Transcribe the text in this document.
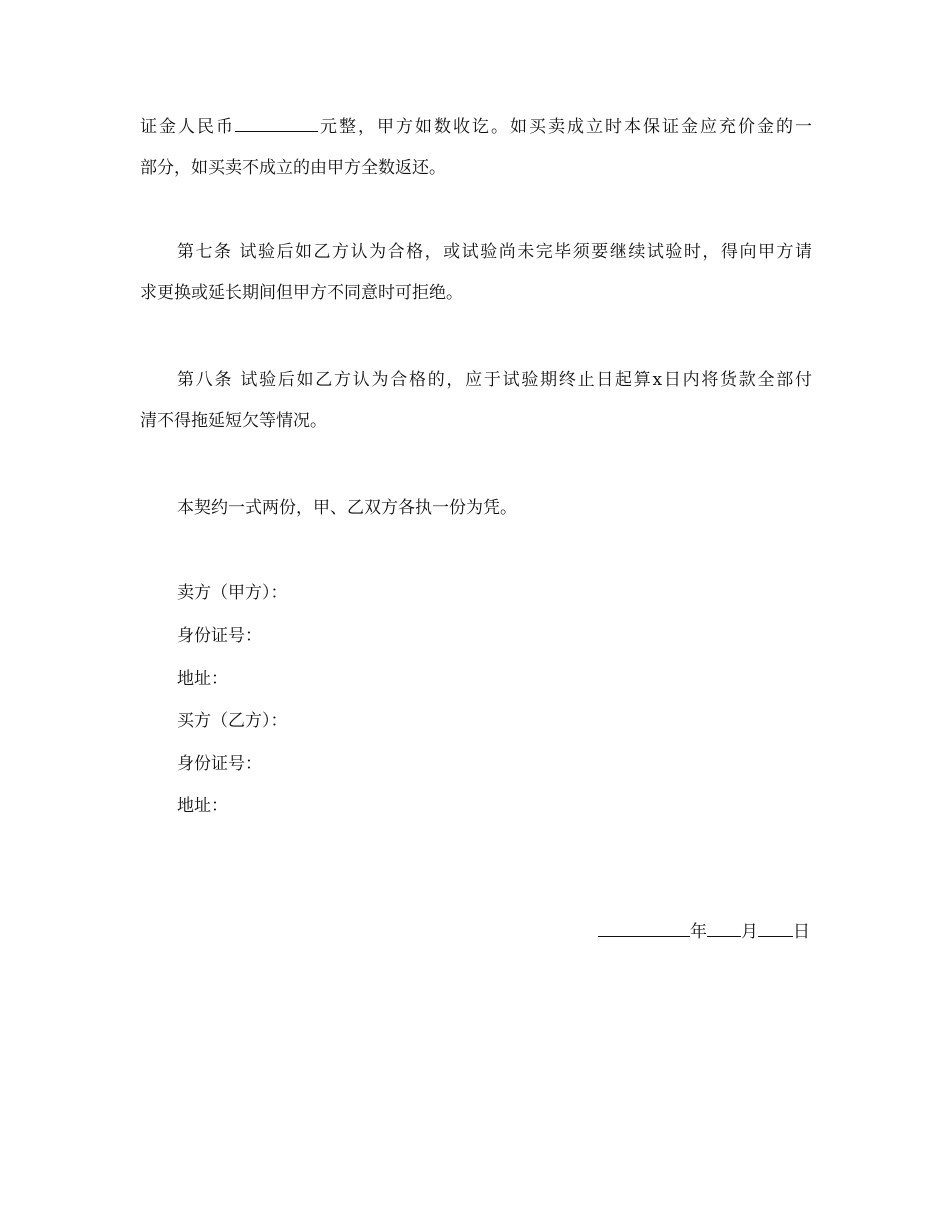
证金人民币	元整，甲方如数收讫。如买卖成立时本保证金应充价金的一
部分，如买卖不成立的由甲方全数返还。
第七条 试验后如乙方认为合格，或试验尚未完毕须要继续试验时，得向甲方请
求更换或延长期间但甲方不同意时可拒绝。
第八条 试验后如乙方认为合格的，应于试验期终止日起算x日内将货款全部付
清不得拖延短欠等情况。
本契约一式两份，甲、乙双方各执一份为凭。
卖方（甲方）：
身份证号：
地址：
买方（乙方）：
身份证号：
地址：
年 月 日
